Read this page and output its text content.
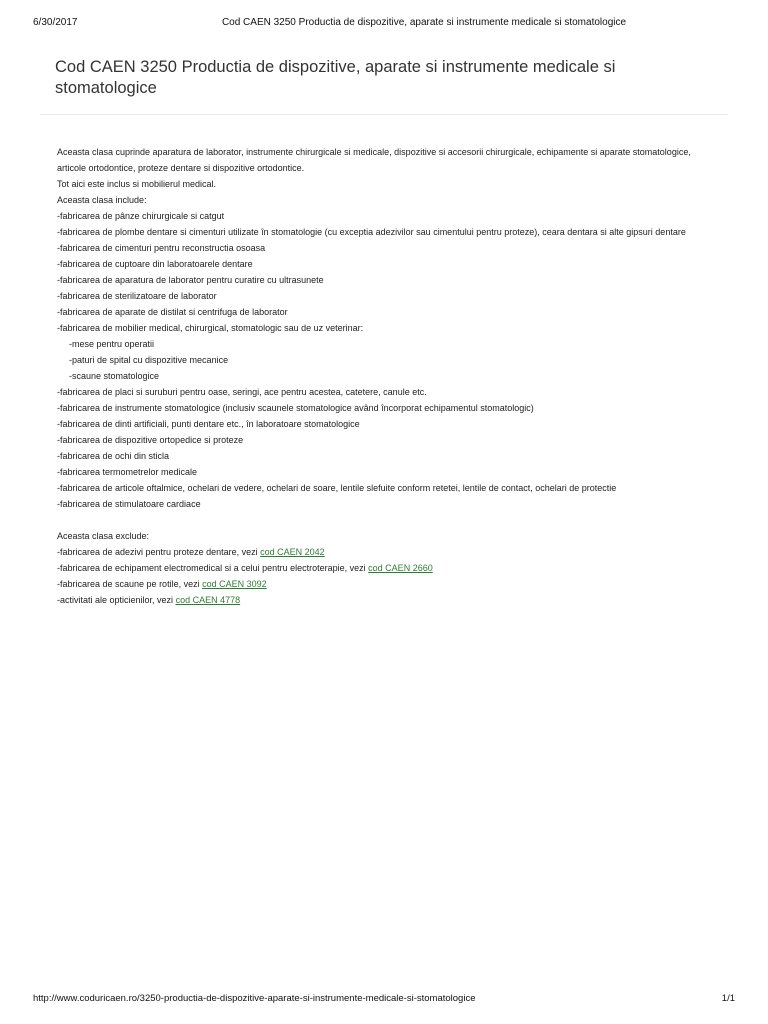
6/30/2017	Cod CAEN 3250 Productia de dispozitive, aparate si instrumente medicale si stomatologice
Cod CAEN 3250 Productia de dispozitive, aparate si instrumente medicale si stomatologice
Aceasta clasa cuprinde aparatura de laborator, instrumente chirurgicale si medicale, dispozitive si accesorii chirurgicale, echipamente si aparate stomatologice, articole ortodontice, proteze dentare si dispozitive ortodontice.
Tot aici este inclus si mobilierul medical.
Aceasta clasa include:
-fabricarea de pânze chirurgicale si catgut
-fabricarea de plombe dentare si cimenturi utilizate în stomatologie (cu exceptia adezivilor sau cimentului pentru proteze), ceara dentara si alte gipsuri dentare
-fabricarea de cimenturi pentru reconstructia osoasa
-fabricarea de cuptoare din laboratoarele dentare
-fabricarea de aparatura de laborator pentru curatire cu ultrasunete
-fabricarea de sterilizatoare de laborator
-fabricarea de aparate de distilat si centrifuga de laborator
-fabricarea de mobilier medical, chirurgical, stomatologic sau de uz veterinar:
-mese pentru operatii
-paturi de spital cu dispozitive mecanice
-scaune stomatologice
-fabricarea de placi si suruburi pentru oase, seringi, ace pentru acestea, catetere, canule etc.
-fabricarea de instrumente stomatologice (inclusiv scaunele stomatologice având încorporat echipamentul stomatologic)
-fabricarea de dinti artificiali, punti dentare etc., în laboratoare stomatologice
-fabricarea de dispozitive ortopedice si proteze
-fabricarea de ochi din sticla
-fabricarea termometrelor medicale
-fabricarea de articole oftalmice, ochelari de vedere, ochelari de soare, lentile slefuite conform retetei, lentile de contact, ochelari de protectie
-fabricarea de stimulatoare cardiace
Aceasta clasa exclude:
-fabricarea de adezivi pentru proteze dentare, vezi cod CAEN 2042
-fabricarea de echipament electromedical si a celui pentru electroterapie, vezi cod CAEN 2660
-fabricarea de scaune pe rotile, vezi cod CAEN 3092
-activitati ale opticienilor, vezi cod CAEN 4778
http://www.coduricaen.ro/3250-productia-de-dispozitive-aparate-si-instrumente-medicale-si-stomatologice	1/1
